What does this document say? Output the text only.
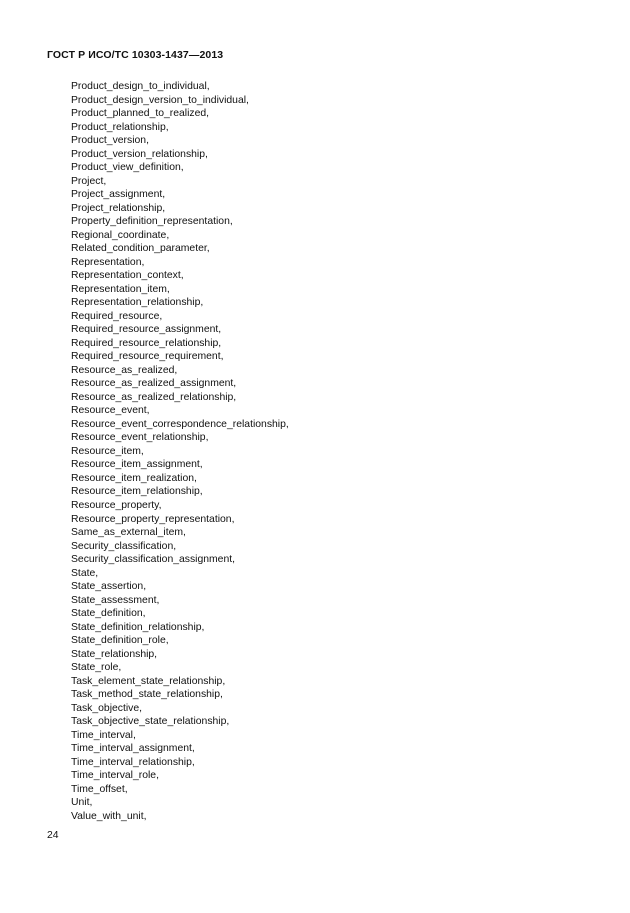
ГОСТ Р ИСО/ТС 10303-1437—2013
Product_design_to_individual,
Product_design_version_to_individual,
Product_planned_to_realized,
Product_relationship,
Product_version,
Product_version_relationship,
Product_view_definition,
Project,
Project_assignment,
Project_relationship,
Property_definition_representation,
Regional_coordinate,
Related_condition_parameter,
Representation,
Representation_context,
Representation_item,
Representation_relationship,
Required_resource,
Required_resource_assignment,
Required_resource_relationship,
Required_resource_requirement,
Resource_as_realized,
Resource_as_realized_assignment,
Resource_as_realized_relationship,
Resource_event,
Resource_event_correspondence_relationship,
Resource_event_relationship,
Resource_item,
Resource_item_assignment,
Resource_item_realization,
Resource_item_relationship,
Resource_property,
Resource_property_representation,
Same_as_external_item,
Security_classification,
Security_classification_assignment,
State,
State_assertion,
State_assessment,
State_definition,
State_definition_relationship,
State_definition_role,
State_relationship,
State_role,
Task_element_state_relationship,
Task_method_state_relationship,
Task_objective,
Task_objective_state_relationship,
Time_interval,
Time_interval_assignment,
Time_interval_relationship,
Time_interval_role,
Time_offset,
Unit,
Value_with_unit,
24
